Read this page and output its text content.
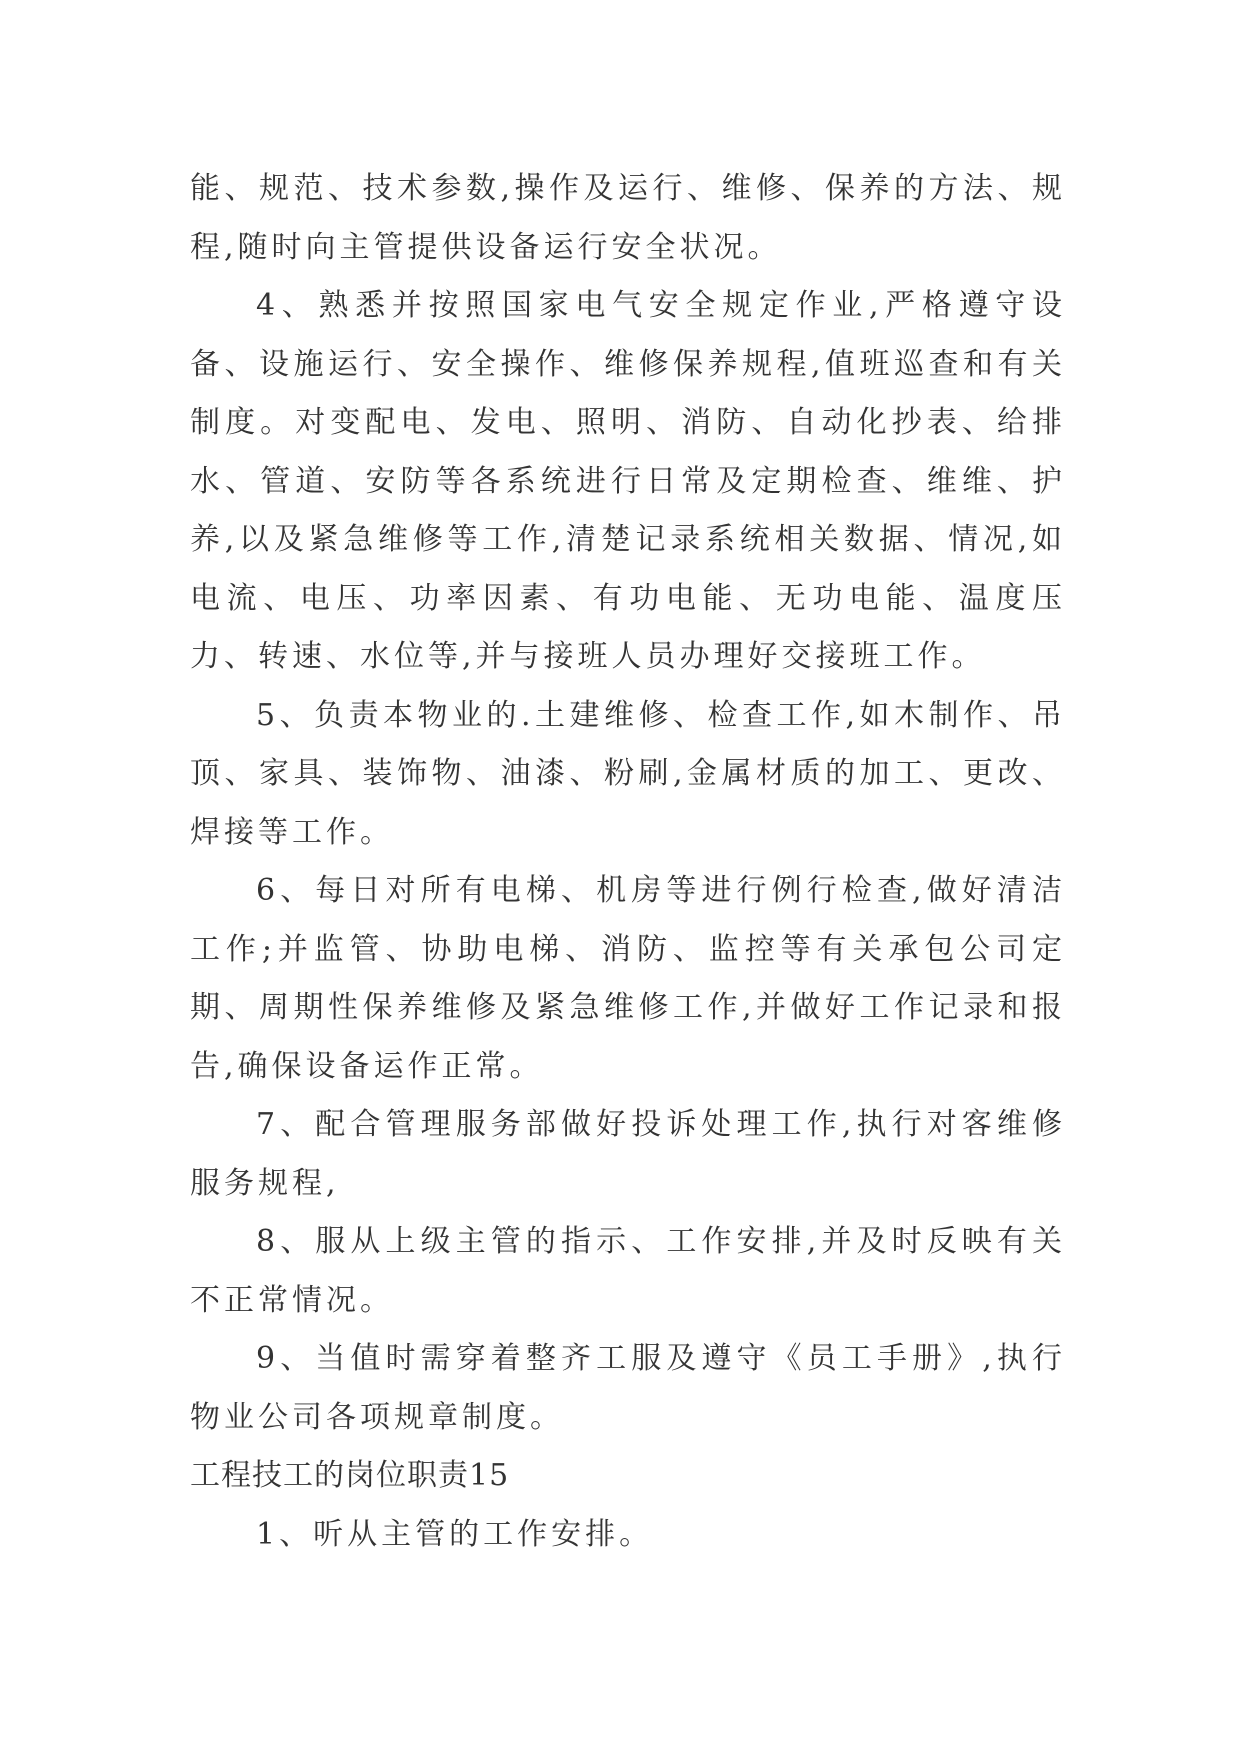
能、规范、技术参数,操作及运行、维修、保养的方法、规程,随时向主管提供设备运行安全状况。

4、熟悉并按照国家电气安全规定作业,严格遵守设备、设施运行、安全操作、维修保养规程,值班巡查和有关制度。对变配电、发电、照明、消防、自动化抄表、给排水、管道、安防等各系统进行日常及定期检查、维维、护养,以及紧急维修等工作,清楚记录系统相关数据、情况,如电流、电压、功率因素、有功电能、无功电能、温度压力、转速、水位等,并与接班人员办理好交接班工作。

5、负责本物业的.土建维修、检查工作,如木制作、吊顶、家具、装饰物、油漆、粉刷,金属材质的加工、更改、焊接等工作。

6、每日对所有电梯、机房等进行例行检查,做好清洁工作;并监管、协助电梯、消防、监控等有关承包公司定期、周期性保养维修及紧急维修工作,并做好工作记录和报告,确保设备运作正常。

7、配合管理服务部做好投诉处理工作,执行对客维修服务规程,

8、服从上级主管的指示、工作安排,并及时反映有关不正常情况。

9、当值时需穿着整齐工服及遵守《员工手册》,执行物业公司各项规章制度。

工程技工的岗位职责15

1、听从主管的工作安排。
